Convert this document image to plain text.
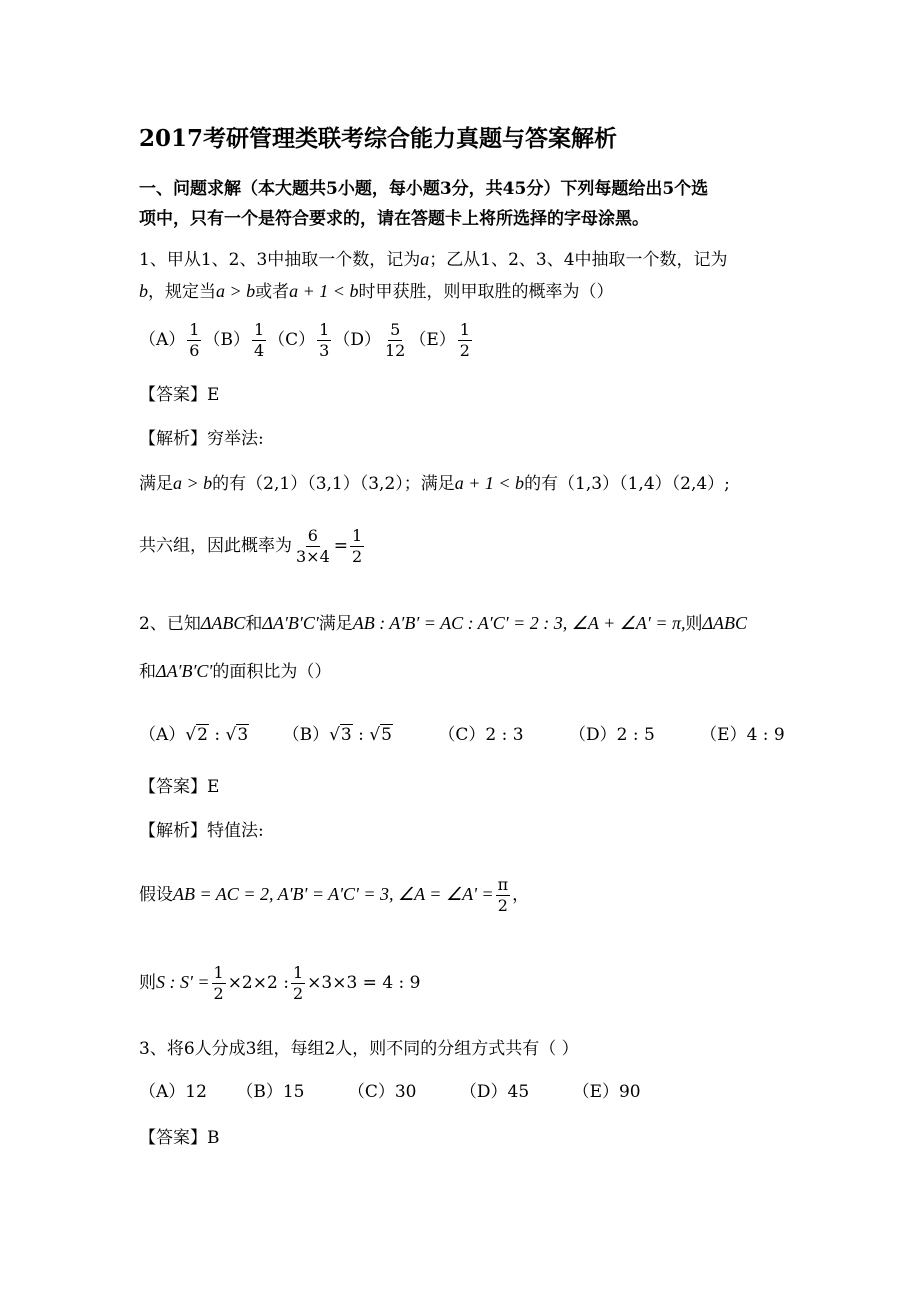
2017考研管理类联考综合能力真题与答案解析
一、问题求解（本大题共5小题，每小题3分，共45分）下列每题给出5个选
项中，只有一个是符合要求的，请在答题卡上将所选择的字母涂黑。
1、甲从1、2、3中抽取一个数，记为a；乙从1、2、3、4中抽取一个数，记为
b，规定当a > b或者a + 1 < b时甲获胜，则甲取胜的概率为（）
$(A) \frac{1}{6} (B) \frac{1}{4} (C) \frac{1}{3} (D) \frac{5}{12} (E) \frac{1}{2}$
【答案】E
【解析】穷举法:
满足a > b的有（2,1）（3,1）（3,2）；满足a + 1 < b的有（1,3）（1,4）（2,4）;
共六组，因此概率为 $\frac{6}{3\times 4} = \frac{1}{2}$
2、已知ΔABC和ΔA′B′C′满足AB : A′B′ = AC : A′C′ = 2 : 3, ∠A + ∠A′ = π,则ΔABC
和ΔA′B′C′的面积比为（）
（A）√2 : √3 （B）√3 : √5	（C）2 : 3	（D）2 : 5	（E）4 : 9
【答案】E
【解析】特值法:
假设AB = AC = 2, A'B' = A'C' = 3, ∠A = ∠A' = $\frac{\pi}{2}$ ，
则S : $S' = \frac{1}{2} \times 2\times 2$ : $\frac{1}{2} \times 3\times 3 = 4$ : 9
3、将6人分成3组，每组2人，则不同的分组方式共有（ ）
（A）12 （B）15	（C）30	（D）45	（E）90
【答案】B
